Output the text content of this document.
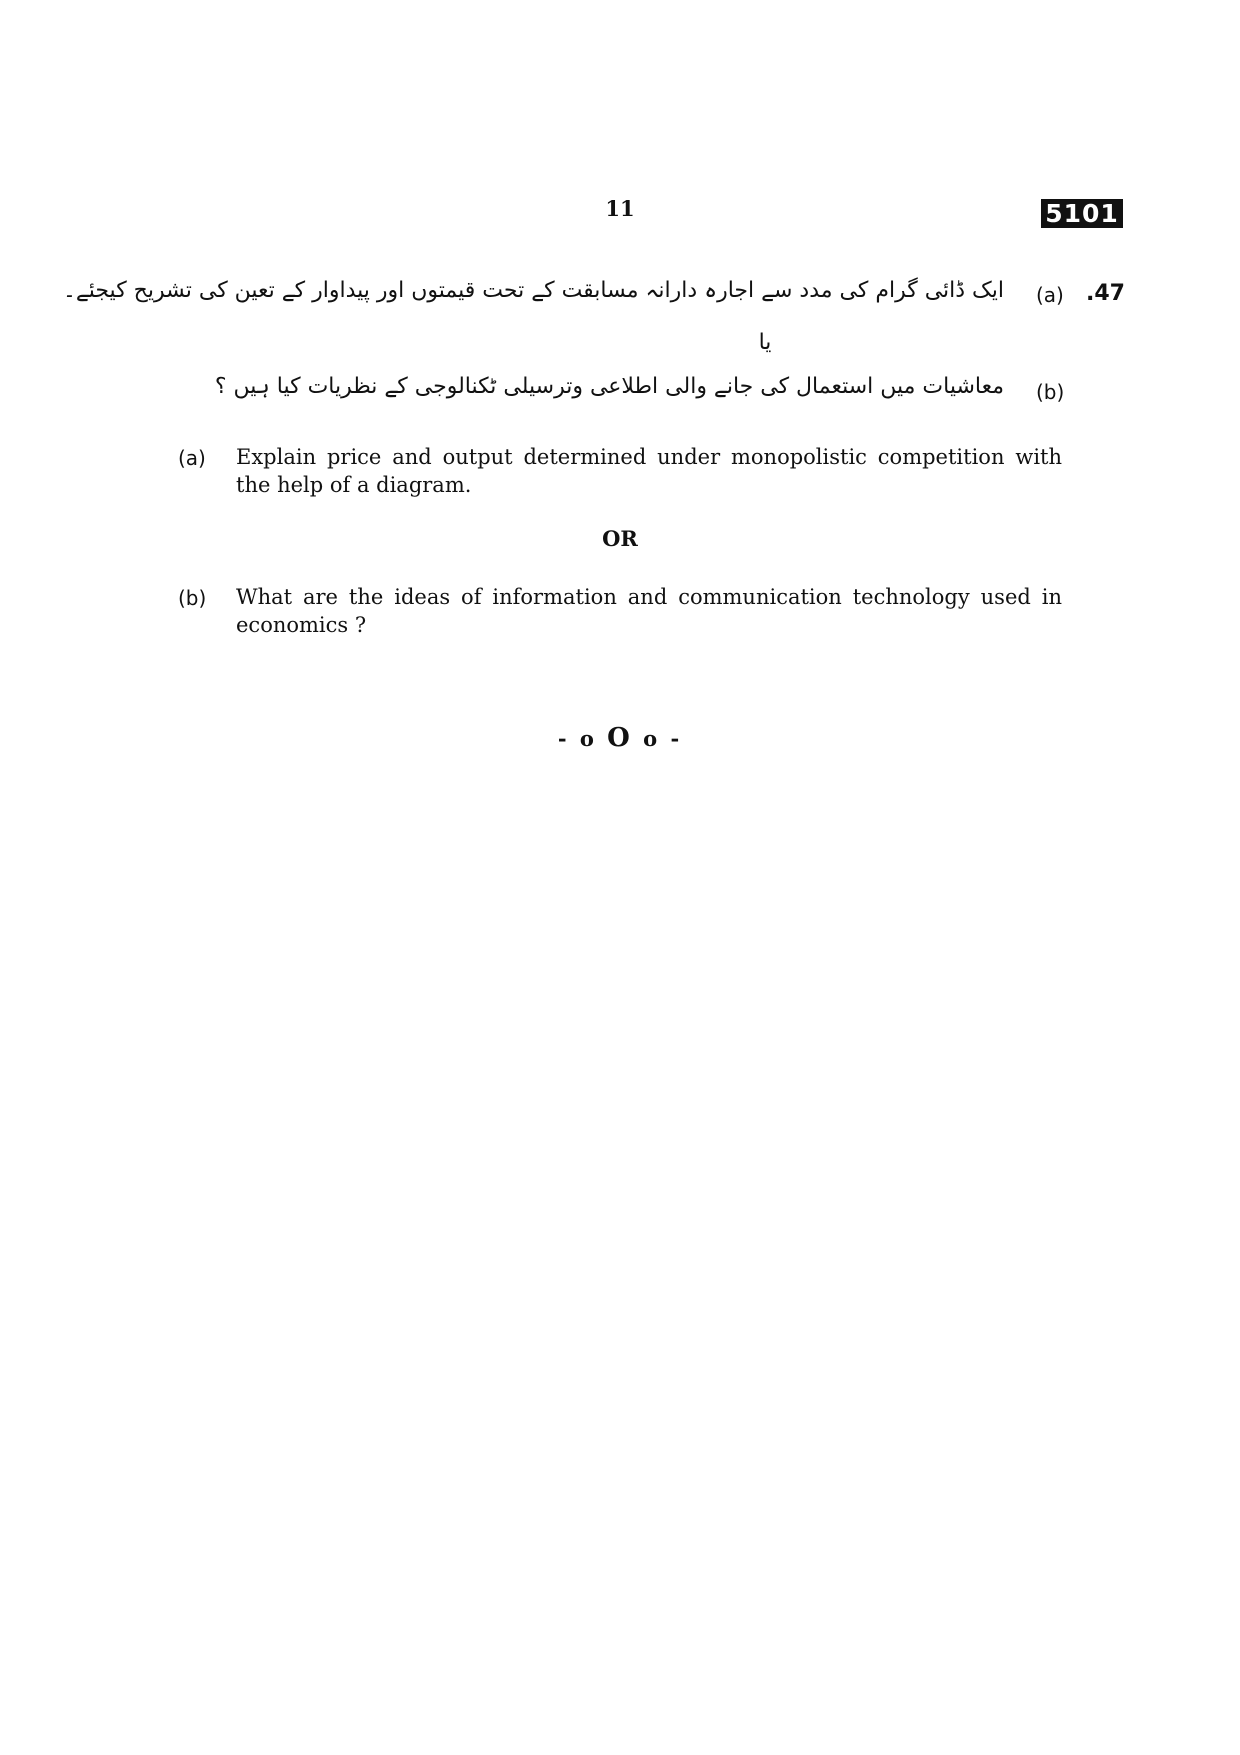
11	5101
.47
(a)
ایک ڈائی گرام کی مدد سے اجارہ دارانہ مسابقت کے تحت قیمتوں اور پیداوار کے تعین کی تشریح کیجئے۔
یا
(b)
معاشیات میں استعمال کی جانے والی اطلاعی وترسیلی ٹکنالوجی کے نظریات کیا ہیں ؟
(a) Explain price and output determined under monopolistic competition with the help of a diagram.
OR
(b) What are the ideas of information and communication technology used in economics ?
- o O o -
